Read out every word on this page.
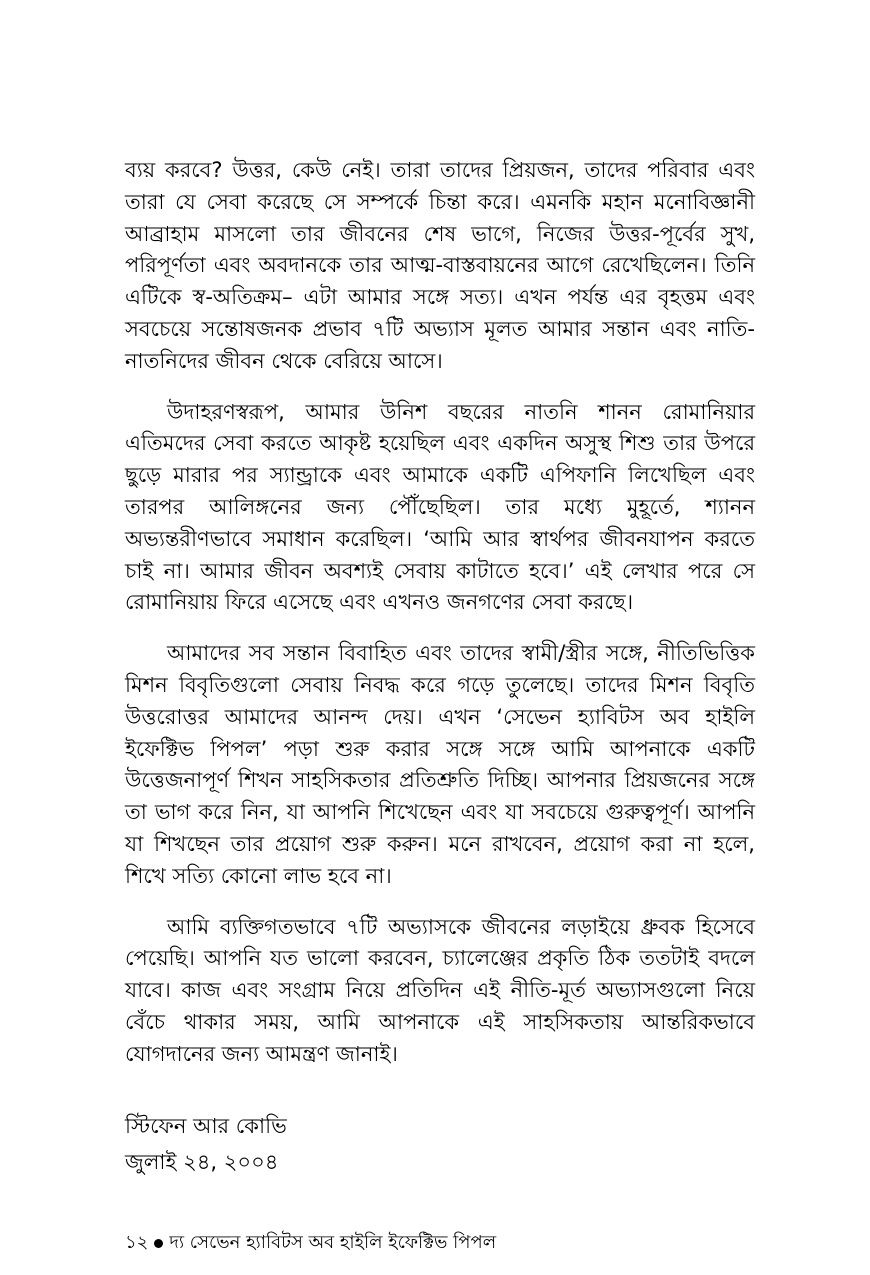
ব্যয় করবে? উত্তর, কেউ নেই। তারা তাদের প্রিয়জন, তাদের পরিবার এবং তারা যে সেবা করেছে সে সম্পর্কে চিন্তা করে। এমনকি মহান মনোবিজ্ঞানী আব্রাহাম মাসলো তার জীবনের শেষ ভাগে, নিজের উত্তর-পূর্বের সুখ, পরিপূর্ণতা এবং অবদানকে তার আত্ম-বাস্তবায়নের আগে রেখেছিলেন। তিনি এটিকে স্ব-অতিক্রম– এটা আমার সঙ্গে সত্য। এখন পর্যন্ত এর বৃহত্তম এবং সবচেয়ে সন্তোষজনক প্রভাব ৭টি অভ্যাস মূলত আমার সন্তান এবং নাতি-নাতনিদের জীবন থেকে বেরিয়ে আসে।

উদাহরণস্বরূপ, আমার উনিশ বছরের নাতনি শানন রোমানিয়ার এতিমদের সেবা করতে আকৃষ্ট হয়েছিল এবং একদিন অসুস্থ শিশু তার উপরে ছুড়ে মারার পর স্যান্ড্রাকে এবং আমাকে একটি এপিফানি লিখেছিল এবং তারপর আলিঙ্গনের জন্য পৌঁছেছিল। তার মধ্যে মুহূর্তে, শ্যানন অভ্যন্তরীণভাবে সমাধান করেছিল। ‘আমি আর স্বার্থপর জীবনযাপন করতে চাই না। আমার জীবন অবশ্যই সেবায় কাটাতে হবে।’ এই লেখার পরে সে রোমানিয়ায় ফিরে এসেছে এবং এখনও জনগণের সেবা করছে।

আমাদের সব সন্তান বিবাহিত এবং তাদের স্বামী/স্ত্রীর সঙ্গে, নীতিভিত্তিক মিশন বিবৃতিগুলো সেবায় নিবদ্ধ করে গড়ে তুলেছে। তাদের মিশন বিবৃতি উত্তরোত্তর আমাদের আনন্দ দেয়। এখন ‘সেভেন হ্যাবিটস অব হাইলি ইফেক্টিভ পিপল’ পড়া শুরু করার সঙ্গে সঙ্গে আমি আপনাকে একটি উত্তেজনাপূর্ণ শিখন সাহসিকতার প্রতিশ্রুতি দিচ্ছি। আপনার প্রিয়জনের সঙ্গে তা ভাগ করে নিন, যা আপনি শিখেছেন এবং যা সবচেয়ে গুরুত্বপূর্ণ। আপনি যা শিখছেন তার প্রয়োগ শুরু করুন। মনে রাখবেন, প্রয়োগ করা না হলে, শিখে সত্যি কোনো লাভ হবে না।

আমি ব্যক্তিগতভাবে ৭টি অভ্যাসকে জীবনের লড়াইয়ে ধ্রুবক হিসেবে পেয়েছি। আপনি যত ভালো করবেন, চ্যালেঞ্জের প্রকৃতি ঠিক ততটাই বদলে যাবে। কাজ এবং সংগ্রাম নিয়ে প্রতিদিন এই নীতি-মূর্ত অভ্যাসগুলো নিয়ে বেঁচে থাকার সময়, আমি আপনাকে এই সাহসিকতায় আন্তরিকভাবে যোগদানের জন্য আমন্ত্রণ জানাই।

স্টিফেন আর কোভি
জুলাই ২৪, ২০০৪
১২ দ্য সেভেন হ্যাবিটস অব হাইলি ইফেক্টিভ পিপল
